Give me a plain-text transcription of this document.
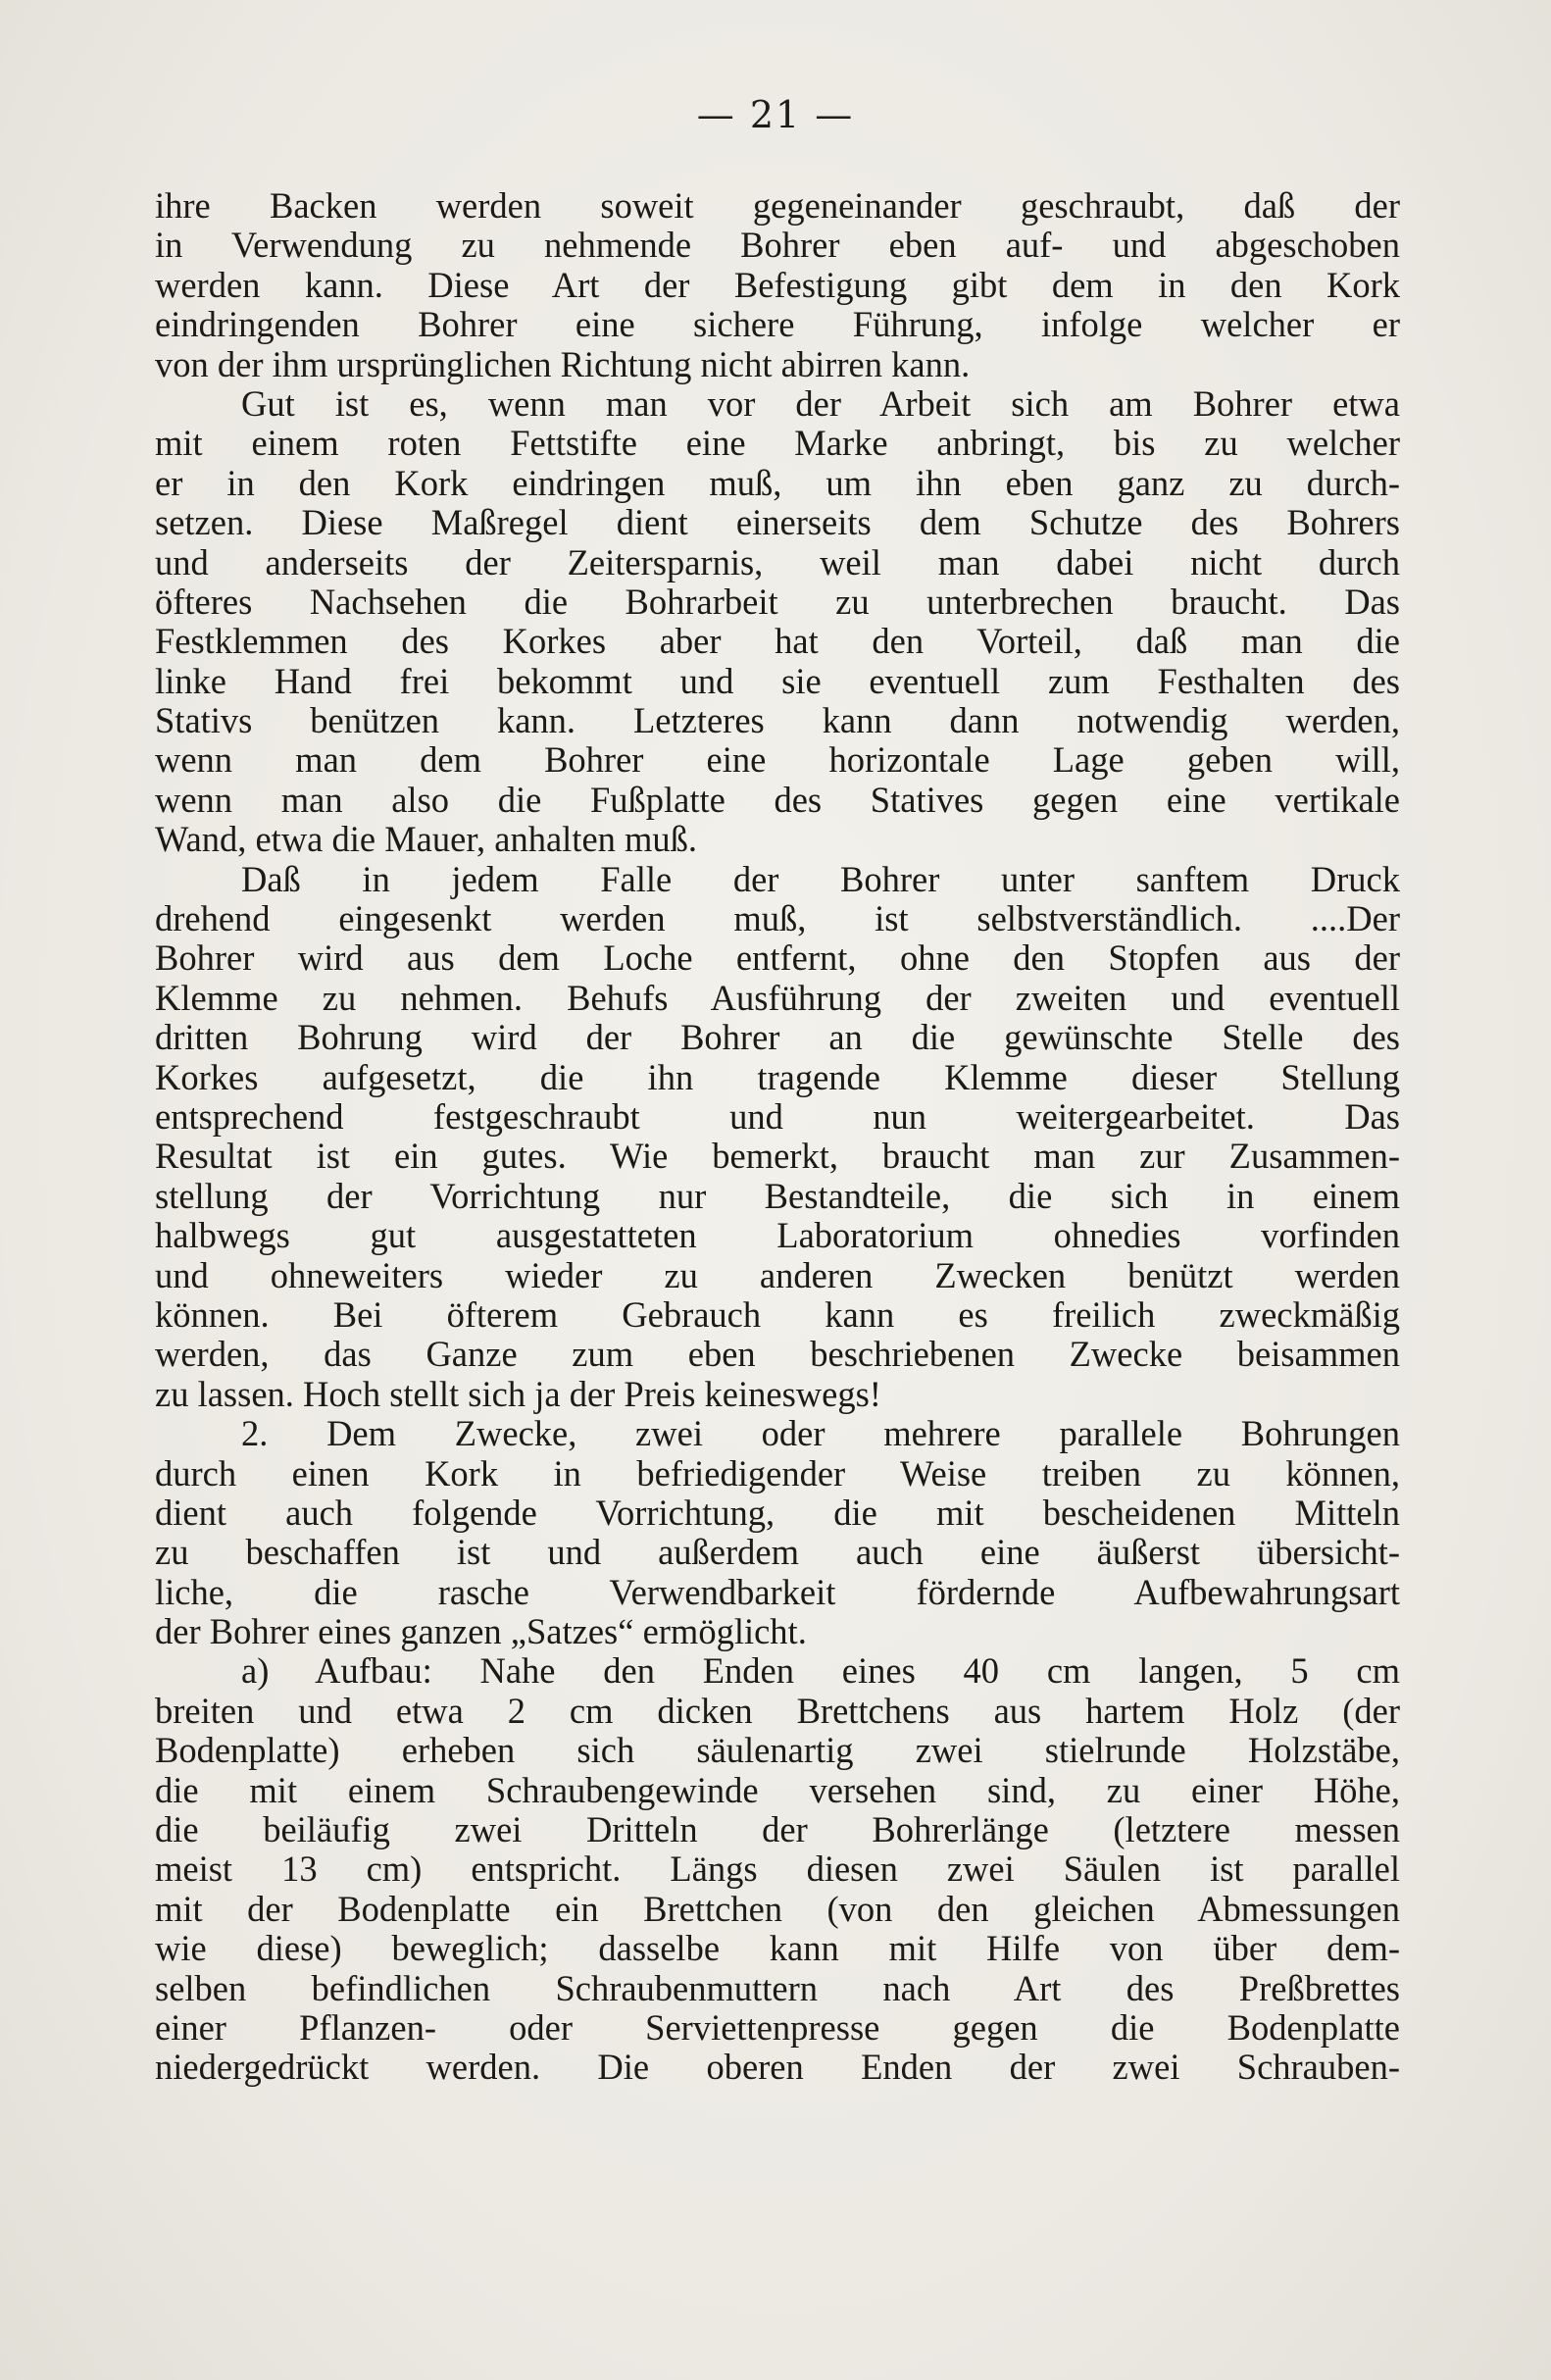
— 21 —
ihre Backen werden soweit gegeneinander geschraubt, daß der
in Verwendung zu nehmende Bohrer eben auf- und abgeschoben
werden kann. Diese Art der Befestigung gibt dem in den Kork
eindringenden Bohrer eine sichere Führung, infolge welcher er
von der ihm ursprünglichen Richtung nicht abirren kann.
Gut ist es, wenn man vor der Arbeit sich am Bohrer etwa
mit einem roten Fettstifte eine Marke anbringt, bis zu welcher
er in den Kork eindringen muß, um ihn eben ganz zu durch-
setzen. Diese Maßregel dient einerseits dem Schutze des Bohrers
und anderseits der Zeitersparnis, weil man dabei nicht durch
öfteres Nachsehen die Bohrarbeit zu unterbrechen braucht. Das
Festklemmen des Korkes aber hat den Vorteil, daß man die
linke Hand frei bekommt und sie eventuell zum Festhalten des
Stativs benützen kann. Letzteres kann dann notwendig werden,
wenn man dem Bohrer eine horizontale Lage geben will,
wenn man also die Fußplatte des Statives gegen eine vertikale
Wand, etwa die Mauer, anhalten muß.
Daß in jedem Falle der Bohrer unter sanftem Druck
drehend eingesenkt werden muß, ist selbstverständlich. ....Der
Bohrer wird aus dem Loche entfernt, ohne den Stopfen aus der
Klemme zu nehmen. Behufs Ausführung der zweiten und eventuell
dritten Bohrung wird der Bohrer an die gewünschte Stelle des
Korkes aufgesetzt, die ihn tragende Klemme dieser Stellung
entsprechend festgeschraubt und nun weitergearbeitet. Das
Resultat ist ein gutes. Wie bemerkt, braucht man zur Zusammen-
stellung der Vorrichtung nur Bestandteile, die sich in einem
halbwegs gut ausgestatteten Laboratorium ohnedies vorfinden
und ohneweiters wieder zu anderen Zwecken benützt werden
können. Bei öfterem Gebrauch kann es freilich zweckmäßig
werden, das Ganze zum eben beschriebenen Zwecke beisammen
zu lassen. Hoch stellt sich ja der Preis keineswegs!
2. Dem Zwecke, zwei oder mehrere parallele Bohrungen
durch einen Kork in befriedigender Weise treiben zu können,
dient auch folgende Vorrichtung, die mit bescheidenen Mitteln
zu beschaffen ist und außerdem auch eine äußerst übersicht-
liche, die rasche Verwendbarkeit fördernde Aufbewahrungsart
der Bohrer eines ganzen „Satzes“ ermöglicht.
a) Aufbau: Nahe den Enden eines 40 cm langen, 5 cm
breiten und etwa 2 cm dicken Brettchens aus hartem Holz (der
Bodenplatte) erheben sich säulenartig zwei stielrunde Holzstäbe,
die mit einem Schraubengewinde versehen sind, zu einer Höhe,
die beiläufig zwei Dritteln der Bohrerlänge (letztere messen
meist 13 cm) entspricht. Längs diesen zwei Säulen ist parallel
mit der Bodenplatte ein Brettchen (von den gleichen Abmessungen
wie diese) beweglich; dasselbe kann mit Hilfe von über dem-
selben befindlichen Schraubenmuttern nach Art des Preßbrettes
einer Pflanzen- oder Serviettenpresse gegen die Bodenplatte
niedergedrückt werden. Die oberen Enden der zwei Schrauben-
